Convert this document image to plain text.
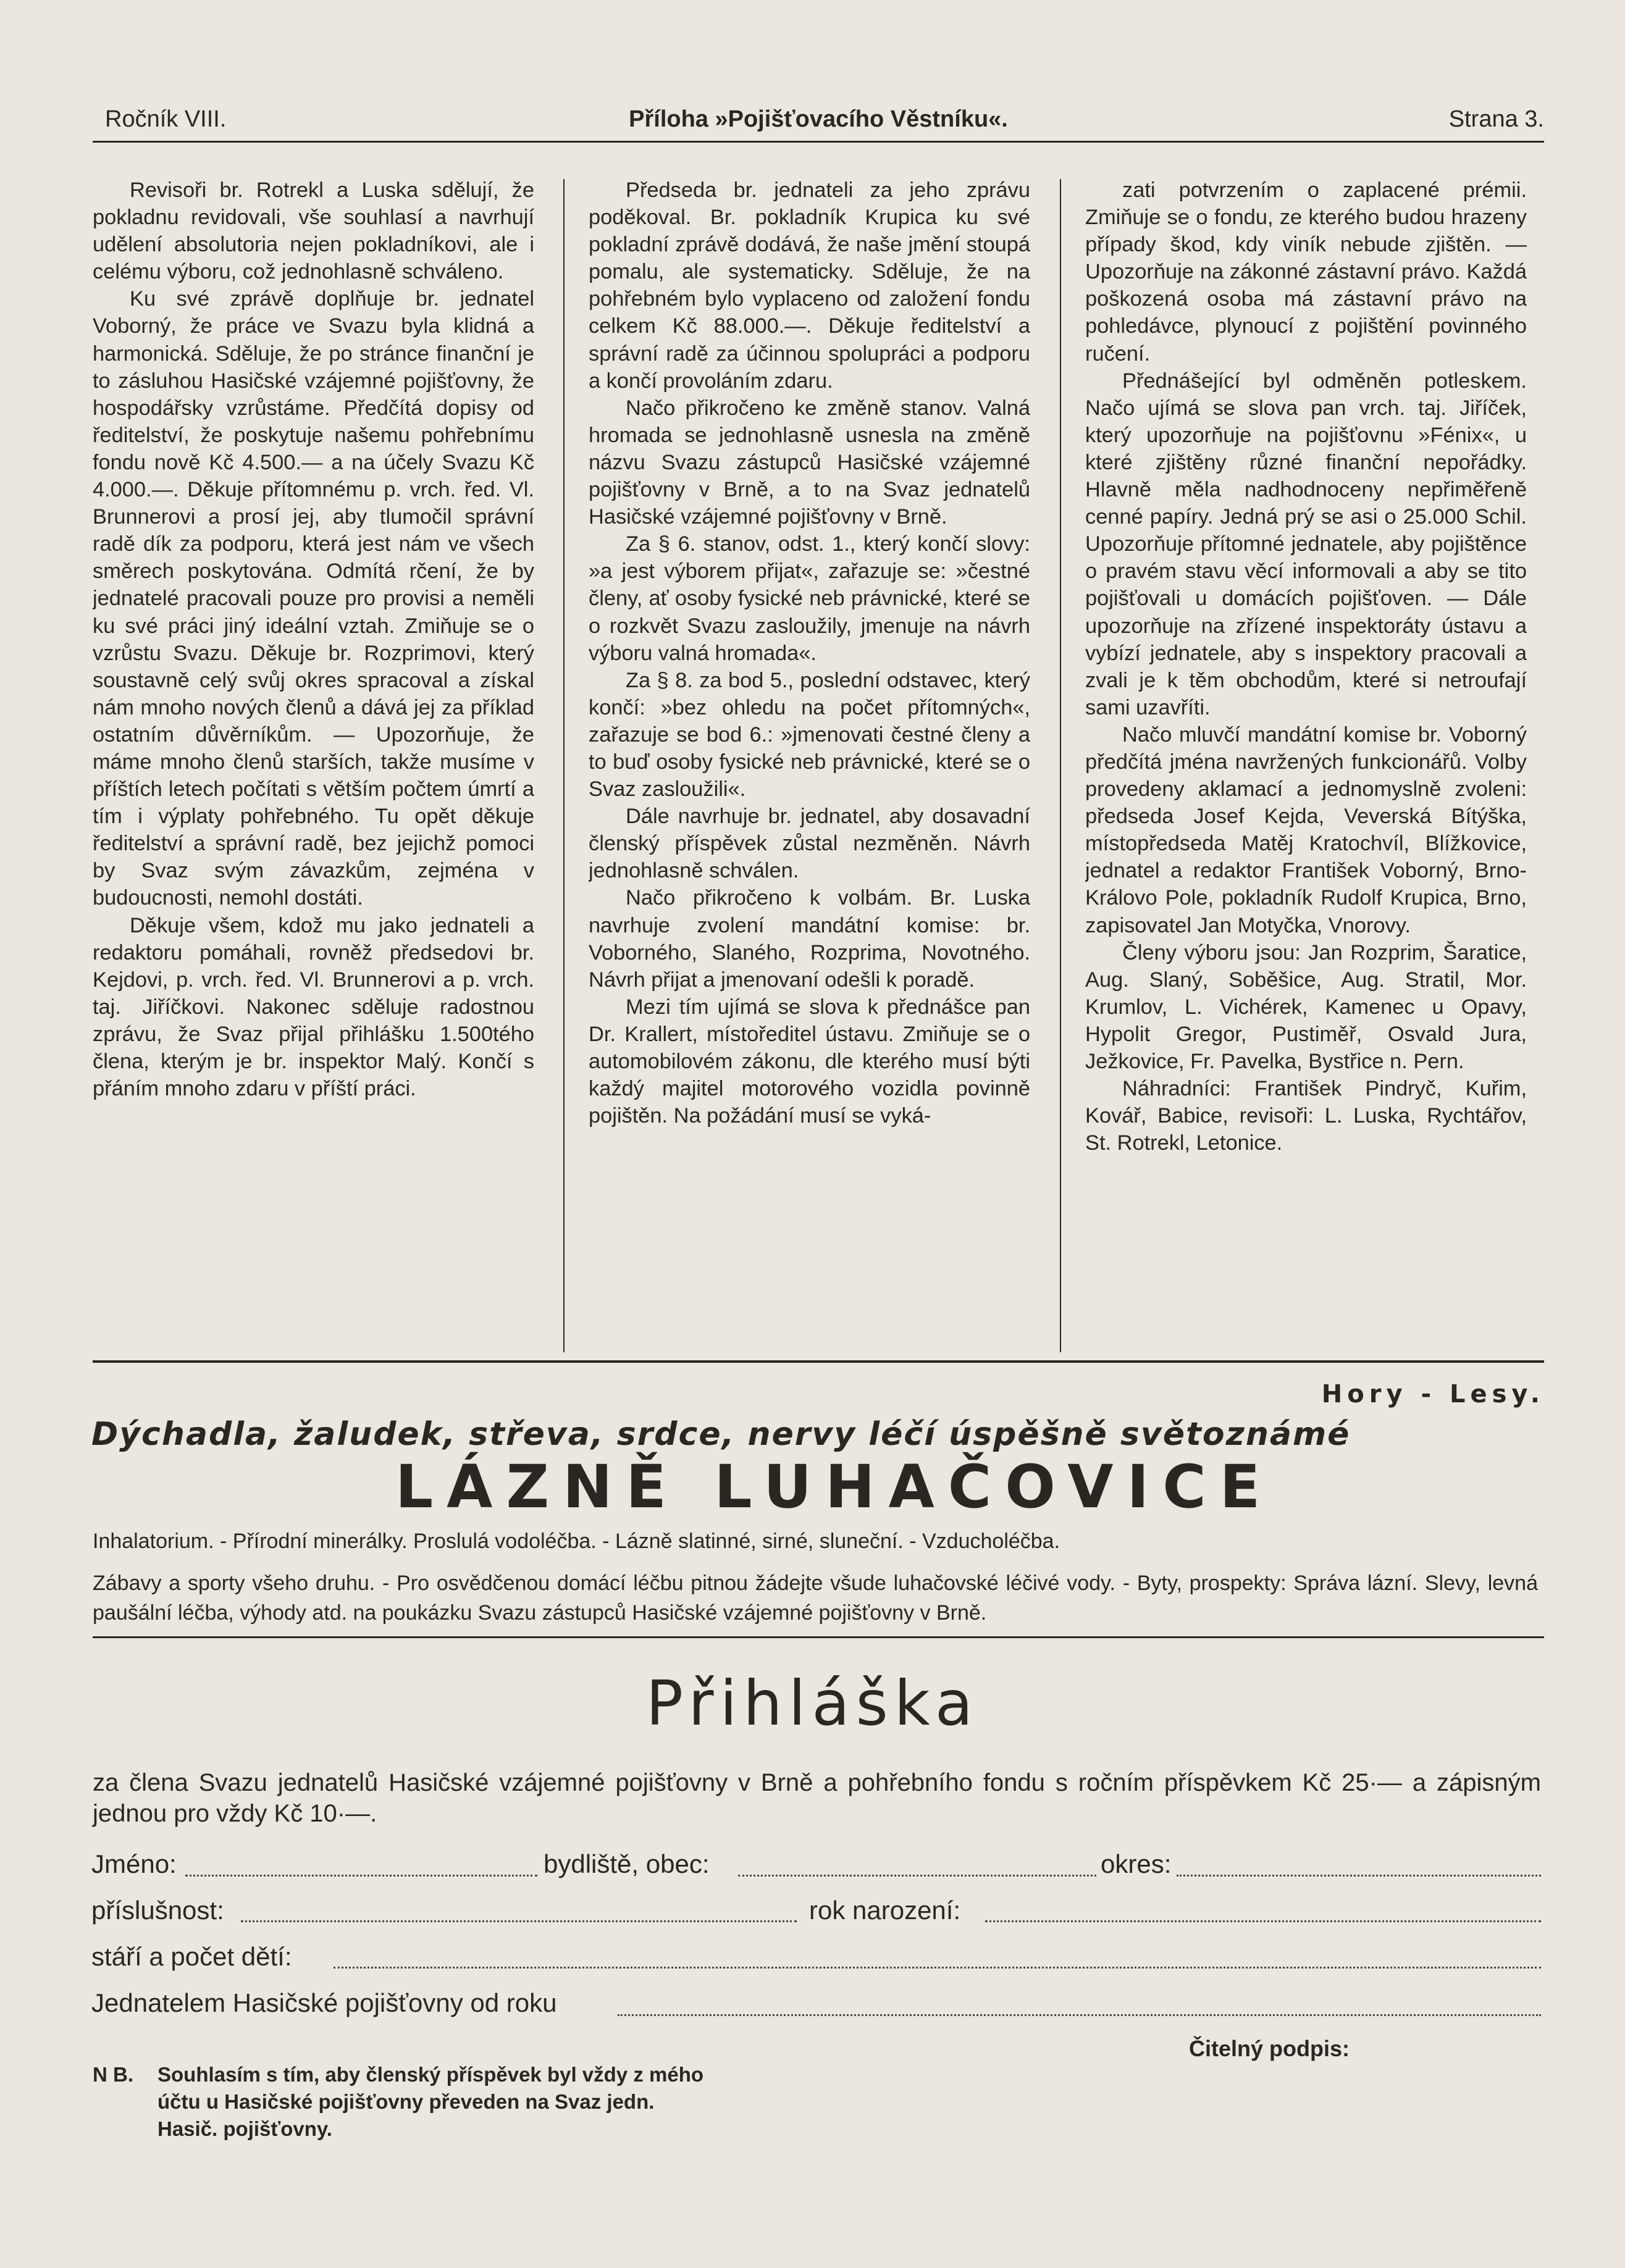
Ročník VIII.	Příloha »Pojišťovacího Věstníku«.	Strana 3.

Revisoři br. Rotrekl a Luska sdělují, že pokladnu revidovali, vše souhlasí a navrhují udělení absolutoria nejen pokladníkovi, ale i celému výboru, což jednohlasně schváleno.

Ku své zprávě doplňuje br. jednatel Voborný, že práce ve Svazu byla klidná a harmonická. Sděluje, že po stránce finanční je to zásluhou Hasičské vzájemné pojišťovny, že hospodářsky vzrůstáme. Předčítá dopisy od ředitelství, že poskytuje našemu pohřebnímu fondu nově Kč 4.500.— a na účely Svazu Kč 4.000.—. Děkuje přítomnému p. vrch. řed. Vl. Brunnerovi a prosí jej, aby tlumočil správní radě dík za podporu, která jest nám ve všech směrech poskytována. Odmítá rčení, že by jednatelé pracovali pouze pro provisi a neměli ku své práci jiný ideální vztah. Zmiňuje se o vzrůstu Svazu. Děkuje br. Rozprimovi, který soustavně celý svůj okres spracoval a získal nám mnoho nových členů a dává jej za příklad ostatním důvěrníkům. — Upozorňuje, že máme mnoho členů starších, takže musíme v příštích letech počítati s větším počtem úmrtí a tím i výplaty pohřebného. Tu opět děkuje ředitelství a správní radě, bez jejichž pomoci by Svaz svým závazkům, zejména v budoucnosti, nemohl dostáti.

Děkuje všem, kdož mu jako jednateli a redaktoru pomáhali, rovněž předsedovi br. Kejdovi, p. vrch. řed. Vl. Brunnerovi a p. vrch. taj. Jiříčkovi. Nakonec sděluje radostnou zprávu, že Svaz přijal přihlášku 1.500tého člena, kterým je br. inspektor Malý. Končí s přáním mnoho zdaru v příští práci.

Předseda br. jednateli za jeho zprávu poděkoval. Br. pokladník Krupica ku své pokladní zprávě dodává, že naše jmění stoupá pomalu, ale systematicky. Sděluje, že na pohřebném bylo vyplaceno od založení fondu celkem Kč 88.000.—. Děkuje ředitelství a správní radě za účinnou spolupráci a podporu a končí provoláním zdaru.

Načo přikročeno ke změně stanov. Valná hromada se jednohlasně usnesla na změně názvu Svazu zástupců Hasičské vzájemné pojišťovny v Brně, a to na Svaz jednatelů Hasičské vzájemné pojišťovny v Brně.

Za § 6. stanov, odst. 1., který končí slovy: »a jest výborem přijat«, zařazuje se: »čestné členy, ať osoby fysické neb právnické, které se o rozkvět Svazu zasloužily, jmenuje na návrh výboru valná hromada«.

Za § 8. za bod 5., poslední odstavec, který končí: »bez ohledu na počet přítomných«, zařazuje se bod 6.: »jmenovati čestné členy a to buď osoby fysické neb právnické, které se o Svaz zasloužili«.

Dále navrhuje br. jednatel, aby dosavadní členský příspěvek zůstal nezměněn. Návrh jednohlasně schválen.

Načo přikročeno k volbám. Br. Luska navrhuje zvolení mandátní komise: br. Voborného, Slaného, Rozprima, Novotného. Návrh přijat a jmenovaní odešli k poradě.

Mezi tím ujímá se slova k přednášce pan Dr. Krallert, místoředitel ústavu. Zmiňuje se o automobilovém zákonu, dle kterého musí býti každý majitel motorového vozidla povinně pojištěn. Na požádání musí se vyká-

zati potvrzením o zaplacené prémii. Zmiňuje se o fondu, ze kterého budou hrazeny případy škod, kdy viník nebude zjištěn. — Upozorňuje na zákonné zástavní právo. Každá poškozená osoba má zástavní právo na pohledávce, plynoucí z pojištění povinného ručení.

Přednášející byl odměněn potleskem. Načo ujímá se slova pan vrch. taj. Jiříček, který upozorňuje na pojišťovnu »Fénix«, u které zjištěny různé finanční nepořádky. Hlavně měla nadhodnoceny nepřiměřeně cenné papíry. Jedná prý se asi o 25.000 Schil. Upozorňuje přítomné jednatele, aby pojištěnce o pravém stavu věcí informovali a aby se tito pojišťovali u domácích pojišťoven. — Dále upozorňuje na zřízené inspektoráty ústavu a vybízí jednatele, aby s inspektory pracovali a zvali je k těm obchodům, které si netroufají sami uzavříti.

Načo mluvčí mandátní komise br. Voborný předčítá jména navržených funkcionářů. Volby provedeny aklamací a jednomyslně zvoleni: předseda Josef Kejda, Veverská Bítýška, místopředseda Matěj Kratochvíl, Blížkovice, jednatel a redaktor František Voborný, Brno-Královo Pole, pokladník Rudolf Krupica, Brno, zapisovatel Jan Motyčka, Vnorovy.

Členy výboru jsou: Jan Rozprim, Šaratice, Aug. Slaný, Soběšice, Aug. Stratil, Mor. Krumlov, L. Vichérek, Kamenec u Opavy, Hypolit Gregor, Pustiměř, Osvald Jura, Ježkovice, Fr. Pavelka, Bystřice n. Pern.

Náhradníci: František Pindryč, Kuřim, Kovář, Babice, revisoři: L. Luska, Rychtářov, St. Rotrekl, Letonice.

Hory - Lesy.
Dýchadla, žaludek, střeva, srdce, nervy léčí úspěšně světoznámé
LÁZNĚ LUHAČOVICE
Inhalatorium. - Přírodní minerálky. Proslulá vodoléčba. - Lázně slatinné, sirné, sluneční. - Vzducholéčba.
Zábavy a sporty všeho druhu. - Pro osvědčenou domácí léčbu pitnou žádejte všude luhačovské léčivé vody. - Byty, prospekty: Správa lázní. Slevy, levná paušální léčba, výhody atd. na poukázku Svazu zástupců Hasičské vzájemné pojišťovny v Brně.
Přihláška
za člena Svazu jednatelů Hasičské vzájemné pojišťovny v Brně a pohřebního fondu s ročním příspěvkem Kč 25·— a zápisným jednou pro vždy Kč 10·—.
Jméno:	bydliště, obec:	okres:
příslušnost:	rok narození:
stáří a počet dětí:
Jednatelem Hasičské pojišťovny od roku
N B. Souhlasím s tím, aby členský příspěvek byl vždy z mého účtu u Hasičské pojišťovny převeden na Svaz jedn. Hasič. pojišťovny.
Čitelný podpis:
